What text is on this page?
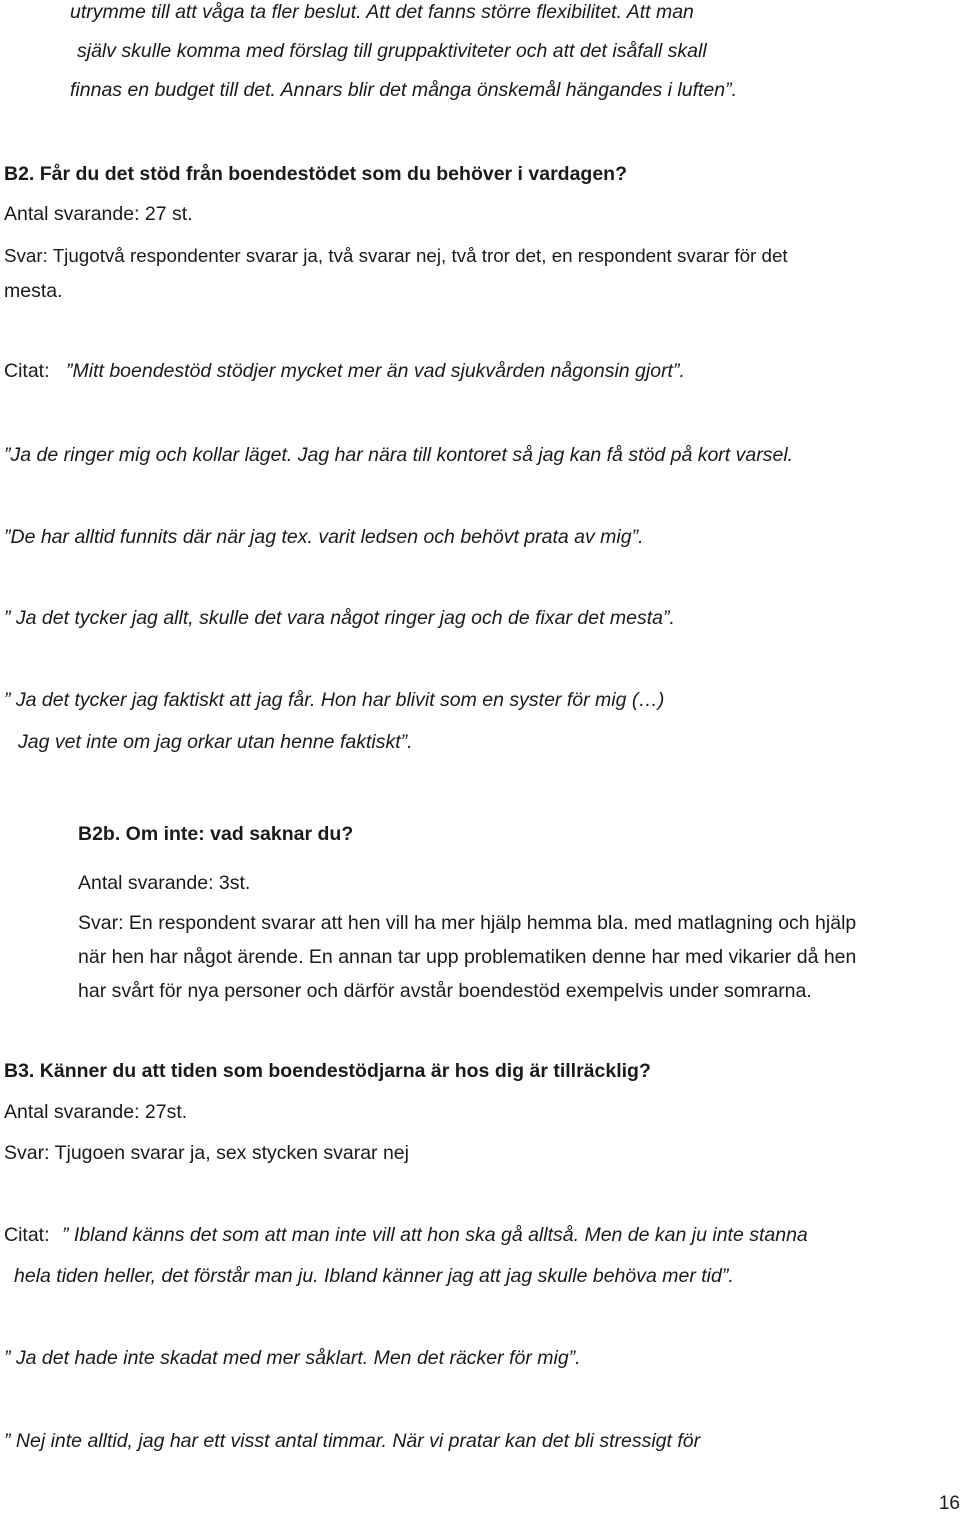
utrymme till att våga ta fler beslut. Att det fanns större flexibilitet. Att man
själv skulle komma med förslag till gruppaktiviteter och att det isåfall skall
finnas en budget till det. Annars blir det många önskemål hängandes i luften”.
B2. Får du det stöd från boendestödet som du behöver i vardagen?
Antal svarande: 27 st.
Svar: Tjugotvå respondenter svarar ja, två svarar nej, två tror det, en respondent svarar för det
mesta.
Citat: ”Mitt boendestöd stödjer mycket mer än vad sjukvården någonsin gjort”.
”Ja de ringer mig och kollar läget. Jag har nära till kontoret så jag kan få stöd på kort varsel.
”De har alltid funnits där när jag tex. varit ledsen och behövt prata av mig”.
” Ja det tycker jag allt, skulle det vara något ringer jag och de fixar det mesta”.
” Ja det tycker jag faktiskt att jag får. Hon har blivit som en syster för mig (…)
Jag vet inte om jag orkar utan henne faktiskt”.
B2b. Om inte: vad saknar du?
Antal svarande: 3st.
Svar: En respondent svarar att hen vill ha mer hjälp hemma bla. med matlagning och hjälp
när hen har något ärende. En annan tar upp problematiken denne har med vikarier då hen
har svårt för nya personer och därför avstår boendestöd exempelvis under somrarna.
B3. Känner du att tiden som boendestödjarna är hos dig är tillräcklig?
Antal svarande: 27st.
Svar: Tjugoen svarar ja, sex stycken svarar nej
Citat: ” Ibland känns det som att man inte vill att hon ska gå alltså. Men de kan ju inte stanna
hela tiden heller, det förstår man ju. Ibland känner jag att jag skulle behöva mer tid”.
” Ja det hade inte skadat med mer såklart. Men det räcker för mig”.
” Nej inte alltid, jag har ett visst antal timmar. När vi pratar kan det bli stressigt för
16
